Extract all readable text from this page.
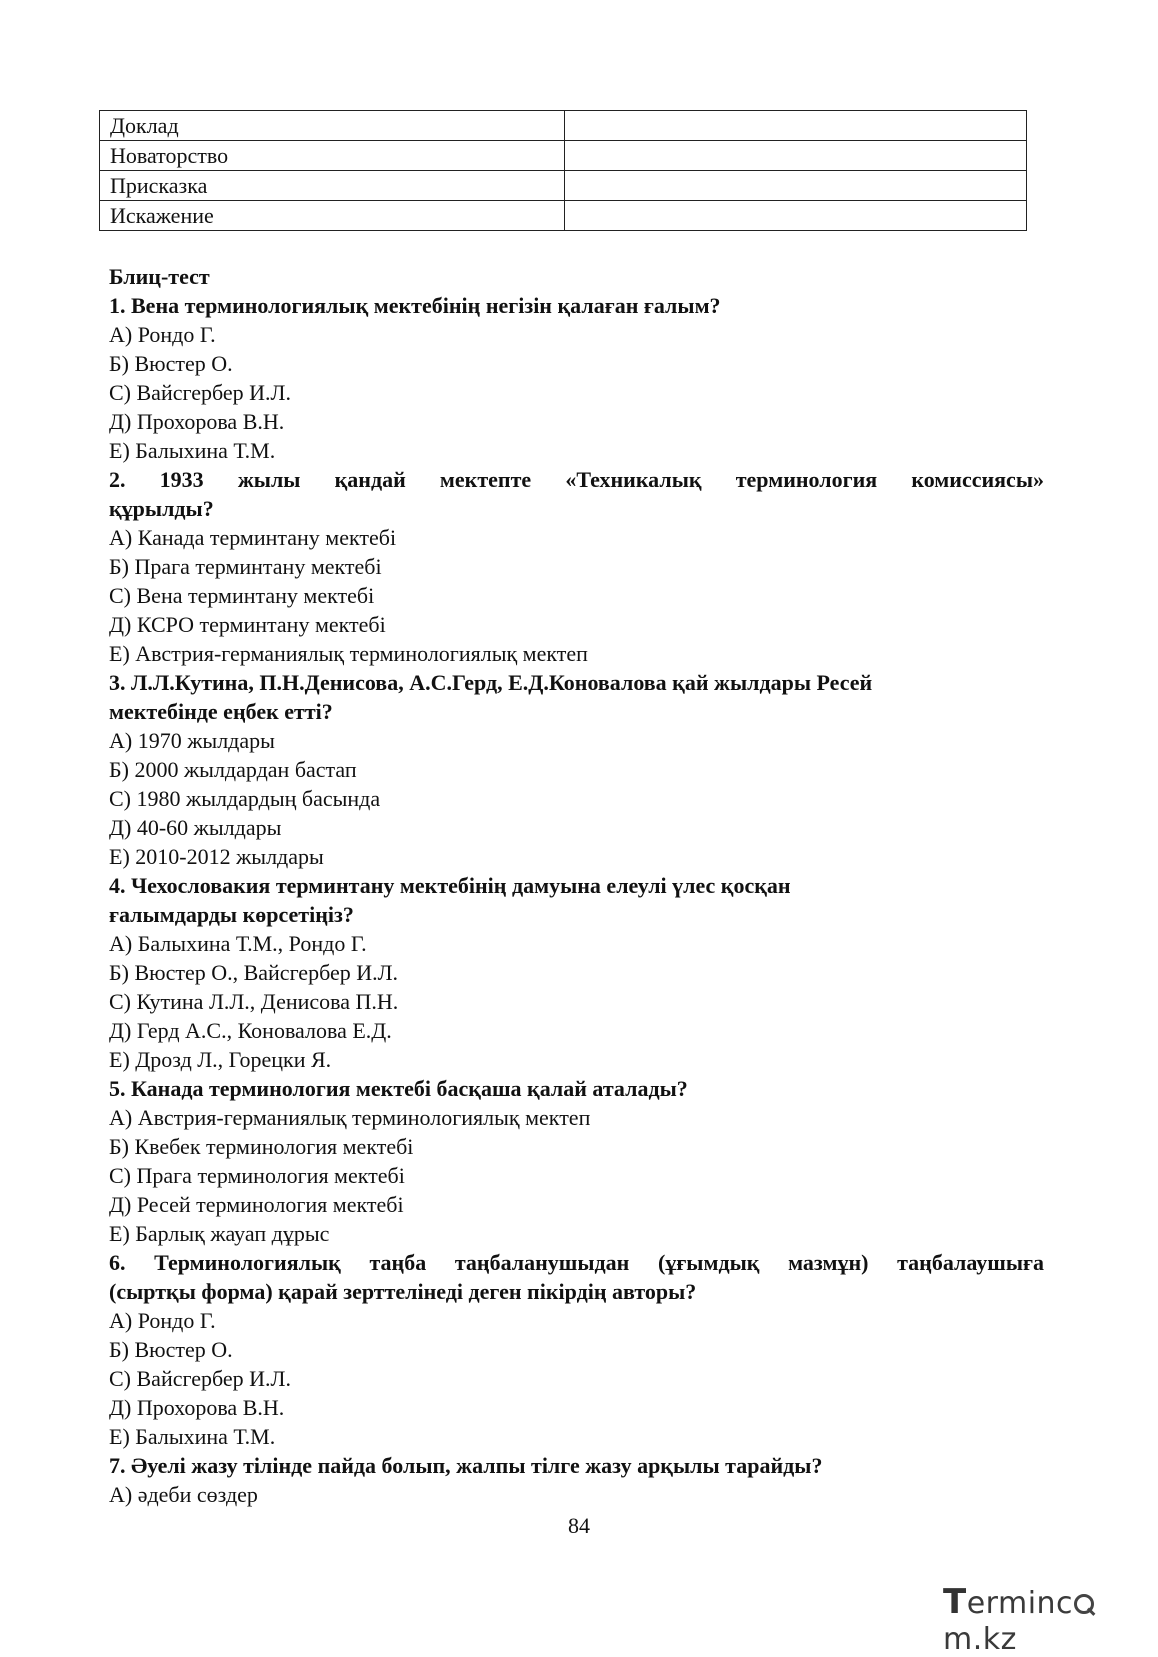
Доклад	
Новаторство	
Присказка	
Искажение	
Блиц-тест
1. Вена терминологиялық мектебінің негізін қалаған ғалым?
А) Рондо Г.
Б) Вюстер О.
С) Вайсгербер И.Л.
Д) Прохорова В.Н.
Е) Балыхина Т.М.
2. 1933 жылы қандай мектепте «Техникалық терминология комиссиясы»
құрылды?
А) Канада терминтану мектебі
Б) Прага терминтану мектебі
С) Вена терминтану мектебі
Д) КСРО терминтану мектебі
Е) Австрия-германиялық терминологиялық мектеп
3. Л.Л.Кутина, П.Н.Денисова, А.С.Герд, Е.Д.Коновалова қай жылдары Ресей
мектебінде еңбек етті?
А) 1970 жылдары
Б) 2000 жылдардан бастап
С) 1980 жылдардың басында
Д) 40-60 жылдары
Е) 2010-2012 жылдары
4. Чехословакия терминтану мектебінің дамуына елеулі үлес қосқан
ғалымдарды көрсетіңіз?
А) Балыхина Т.М., Рондо Г.
Б) Вюстер О., Вайсгербер И.Л.
С) Кутина Л.Л., Денисова П.Н.
Д) Герд А.С., Коновалова Е.Д.
Е) Дрозд Л., Горецки Я.
5. Канада терминология мектебі басқаша қалай аталады?
А) Австрия-германиялық терминологиялық мектеп
Б) Квебек терминология мектебі
С) Прага терминология мектебі
Д) Ресей терминология мектебі
Е) Барлық жауап дұрыс
6. Терминологиялық таңба таңбаланушыдан (ұғымдық мазмұн) таңбалаушыға
(сыртқы форма) қарай зерттелінеді деген пікірдің авторы?
А) Рондо Г.
Б) Вюстер О.
С) Вайсгербер И.Л.
Д) Прохорова В.Н.
Е) Балыхина Т.М.
7. Әуелі жазу тілінде пайда болып, жалпы тілге жазу арқылы тарайды?
А) әдеби сөздер
84
Terminc
m.kz
